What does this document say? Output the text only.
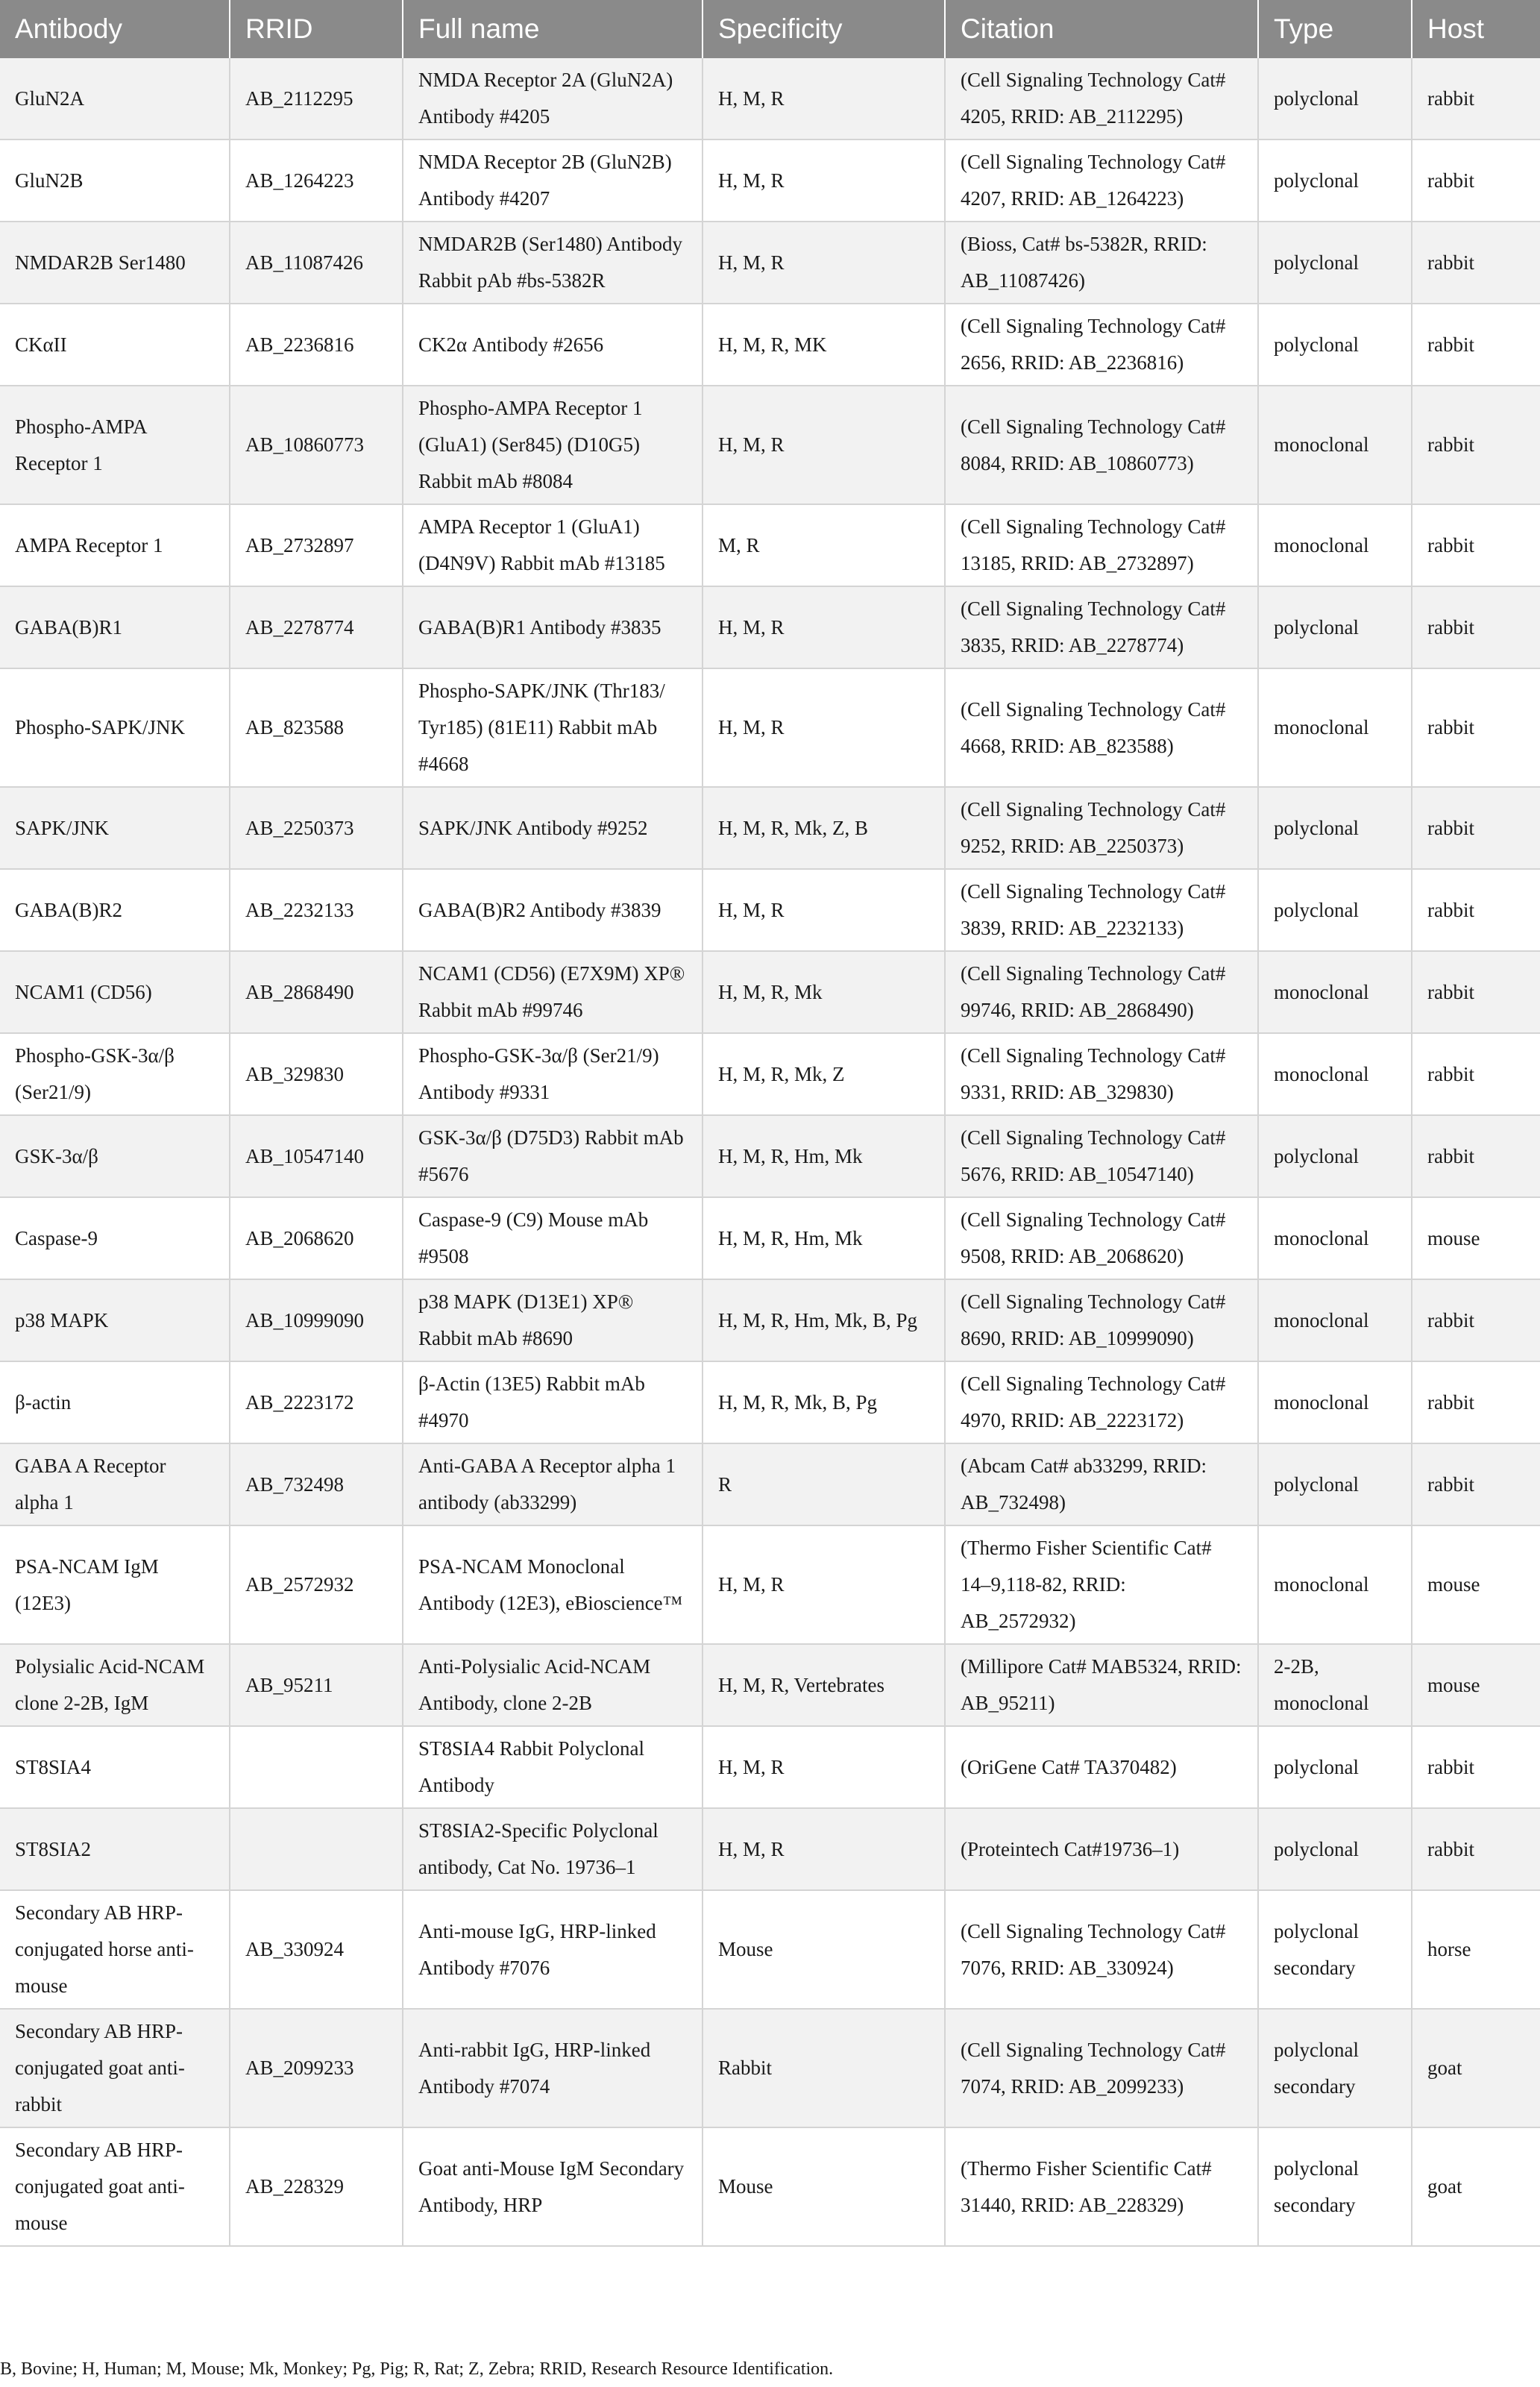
Antibody	RRID	Full name	Specificity	Citation	Type	Host
GluN2A	AB_2112295	NMDA Receptor 2A (GluN2A) Antibody #4205	H, M, R	(Cell Signaling Technology Cat# 4205, RRID: AB_2112295)	polyclonal	rabbit
GluN2B	AB_1264223	NMDA Receptor 2B (GluN2B) Antibody #4207	H, M, R	(Cell Signaling Technology Cat# 4207, RRID: AB_1264223)	polyclonal	rabbit
NMDAR2B Ser1480	AB_11087426	NMDAR2B (Ser1480) Antibody Rabbit pAb #bs-5382R	H, M, R	(Bioss, Cat# bs-5382R, RRID: AB_11087426)	polyclonal	rabbit
CKαII	AB_2236816	CK2α Antibody #2656	H, M, R, MK	(Cell Signaling Technology Cat# 2656, RRID: AB_2236816)	polyclonal	rabbit
Phospho-AMPA Receptor 1	AB_10860773	Phospho-AMPA Receptor 1 (GluA1) (Ser845) (D10G5) Rabbit mAb #8084	H, M, R	(Cell Signaling Technology Cat# 8084, RRID: AB_10860773)	monoclonal	rabbit
AMPA Receptor 1	AB_2732897	AMPA Receptor 1 (GluA1) (D4N9V) Rabbit mAb #13185	M, R	(Cell Signaling Technology Cat# 13185, RRID: AB_2732897)	monoclonal	rabbit
GABA(B)R1	AB_2278774	GABA(B)R1 Antibody #3835	H, M, R	(Cell Signaling Technology Cat# 3835, RRID: AB_2278774)	polyclonal	rabbit
Phospho-SAPK/JNK	AB_823588	Phospho-SAPK/JNK (Thr183/ Tyr185) (81E11) Rabbit mAb #4668	H, M, R	(Cell Signaling Technology Cat# 4668, RRID: AB_823588)	monoclonal	rabbit
SAPK/JNK	AB_2250373	SAPK/JNK Antibody #9252	H, M, R, Mk, Z, B	(Cell Signaling Technology Cat# 9252, RRID: AB_2250373)	polyclonal	rabbit
GABA(B)R2	AB_2232133	GABA(B)R2 Antibody #3839	H, M, R	(Cell Signaling Technology Cat# 3839, RRID: AB_2232133)	polyclonal	rabbit
NCAM1 (CD56)	AB_2868490	NCAM1 (CD56) (E7X9M) XP® Rabbit mAb #99746	H, M, R, Mk	(Cell Signaling Technology Cat# 99746, RRID: AB_2868490)	monoclonal	rabbit
Phospho-GSK-3α/β (Ser21/9)	AB_329830	Phospho-GSK-3α/β (Ser21/9) Antibody #9331	H, M, R, Mk, Z	(Cell Signaling Technology Cat# 9331, RRID: AB_329830)	monoclonal	rabbit
GSK-3α/β	AB_10547140	GSK-3α/β (D75D3) Rabbit mAb #5676	H, M, R, Hm, Mk	(Cell Signaling Technology Cat# 5676, RRID: AB_10547140)	polyclonal	rabbit
Caspase-9	AB_2068620	Caspase-9 (C9) Mouse mAb #9508	H, M, R, Hm, Mk	(Cell Signaling Technology Cat# 9508, RRID: AB_2068620)	monoclonal	mouse
p38 MAPK	AB_10999090	p38 MAPK (D13E1) XP® Rabbit mAb #8690	H, M, R, Hm, Mk, B, Pg	(Cell Signaling Technology Cat# 8690, RRID: AB_10999090)	monoclonal	rabbit
β-actin	AB_2223172	β-Actin (13E5) Rabbit mAb #4970	H, M, R, Mk, B, Pg	(Cell Signaling Technology Cat# 4970, RRID: AB_2223172)	monoclonal	rabbit
GABA A Receptor alpha 1	AB_732498	Anti-GABA A Receptor alpha 1 antibody (ab33299)	R	(Abcam Cat# ab33299, RRID: AB_732498)	polyclonal	rabbit
PSA-NCAM IgM (12E3)	AB_2572932	PSA-NCAM Monoclonal Antibody (12E3), eBioscience™	H, M, R	(Thermo Fisher Scientific Cat# 14–9,118-82, RRID: AB_2572932)	monoclonal	mouse
Polysialic Acid-NCAM clone 2-2B, IgM	AB_95211	Anti-Polysialic Acid-NCAM Antibody, clone 2-2B	H, M, R, Vertebrates	(Millipore Cat# MAB5324, RRID: AB_95211)	2-2B, monoclonal	mouse
ST8SIA4		ST8SIA4 Rabbit Polyclonal Antibody	H, M, R	(OriGene Cat# TA370482)	polyclonal	rabbit
ST8SIA2		ST8SIA2-Specific Polyclonal antibody, Cat No. 19736–1	H, M, R	(Proteintech Cat#19736–1)	polyclonal	rabbit
Secondary AB HRP-conjugated horse anti-mouse	AB_330924	Anti-mouse IgG, HRP-linked Antibody #7076	Mouse	(Cell Signaling Technology Cat# 7076, RRID: AB_330924)	polyclonal secondary	horse
Secondary AB HRP-conjugated goat anti-rabbit	AB_2099233	Anti-rabbit IgG, HRP-linked Antibody #7074	Rabbit	(Cell Signaling Technology Cat# 7074, RRID: AB_2099233)	polyclonal secondary	goat
Secondary AB HRP-conjugated goat anti-mouse	AB_228329	Goat anti-Mouse IgM Secondary Antibody, HRP	Mouse	(Thermo Fisher Scientific Cat# 31440, RRID: AB_228329)	polyclonal secondary	goat
B, Bovine; H, Human; M, Mouse; Mk, Monkey; Pg, Pig; R, Rat; Z, Zebra; RRID, Research Resource Identification.
